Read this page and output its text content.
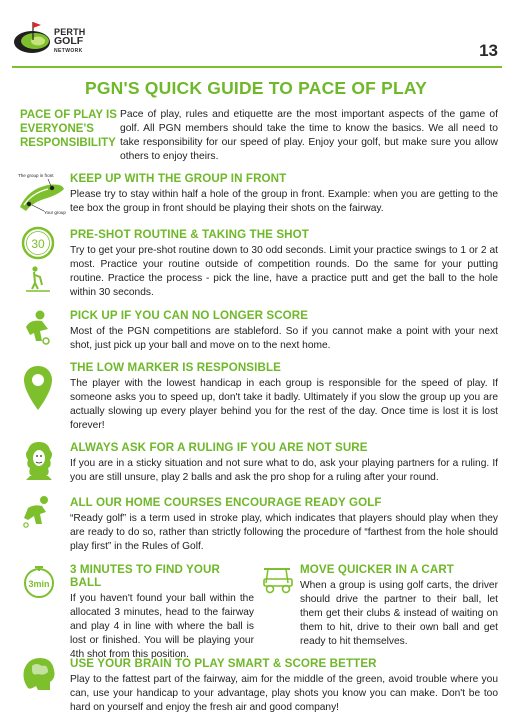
PERTH
GOLF
NETWORK	13
PGN'S QUICK GUIDE TO PACE OF PLAY
PACE OF PLAY IS EVERYONE'S RESPONSIBILITY
Pace of play, rules and etiquette are the most important aspects of the game of golf. All PGN members should take the time to know the basics. We all need to take responsibility for our speed of play. Enjoy your golf, but make sure you allow others to enjoy theirs.
The group in front
Your group
KEEP UP WITH THE GROUP IN FRONT

Please try to stay within half a hole of the group in front. Example: when you are getting to the tee box the group in front should be playing their shots on the fairway.

30
PRE-SHOT ROUTINE & TAKING THE SHOT

Try to get your pre-shot routine down to 30 odd seconds. Limit your practice swings to 1 or 2 at most. Practice your routine outside of competition rounds. Do the same for your putting routine. Practice the process - pick the line, have a practice putt and get the ball to the hole within 30 seconds.

PICK UP IF YOU CAN NO LONGER SCORE

Most of the PGN competitions are stableford. So if you cannot make a point with your next shot, just pick up your ball and move on to the next home.

THE LOW MARKER IS RESPONSIBLE

The player with the lowest handicap in each group is responsible for the speed of play. If someone asks you to speed up, don't take it badly. Ultimately if you slow the group up you are actually slowing up every player behind you for the rest of the day. Once time is lost it is lost forever!

ALWAYS ASK FOR A RULING IF YOU ARE NOT SURE

If you are in a sticky situation and not sure what to do, ask your playing partners for a ruling. If you are still unsure, play 2 balls and ask the pro shop for a ruling after your round.

ALL OUR HOME COURSES ENCOURAGE READY GOLF

“Ready golf” is a term used in stroke play, which indicates that players should play when they are ready to do so, rather than strictly following the procedure of “farthest from the hole should play first” in the Rules of Golf.

3min
3 MINUTES TO FIND YOUR BALL

If you haven't found your ball within the allocated 3 minutes, head to the fairway and play 4 in line with where the ball is lost or finished. You will be playing your 4th shot from this position.

MOVE QUICKER IN A CART

When a group is using golf carts, the driver should drive the partner to their ball, let them get their clubs & instead of waiting on them to hit, drive to their own ball and get ready to hit themselves.

USE YOUR BRAIN TO PLAY SMART & SCORE BETTER

Play to the fattest part of the fairway, aim for the middle of the green, avoid trouble where you can, use your handicap to your advantage, play shots you know you can make. Don't be too hard on yourself and enjoy the fresh air and good company!
